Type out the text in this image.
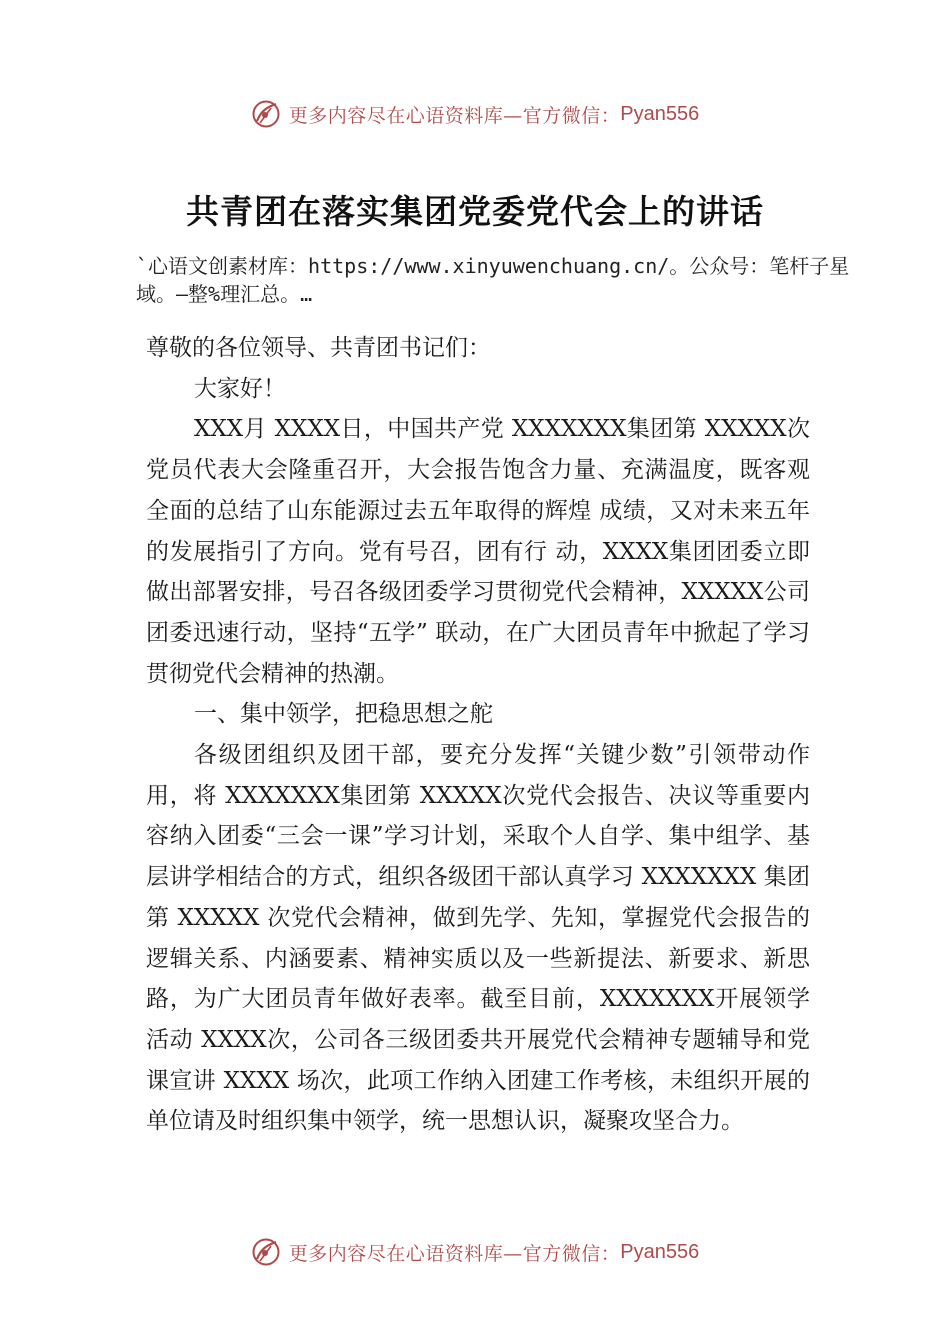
更多内容尽在心语资料库—官方微信： Pyan556
共青团在落实集团党委党代会上的讲话

`心语文创素材库：https://www.xinyuwenchuang.cn/。公众号：笔杆子星域。—整%理汇总。…

尊敬的各位领导、共青团书记们：

大家好！

XXX月 XXXX日，中国共产党 XXXXXXX集团第 XXXXX次党员代表大会隆重召开，大会报告饱含力量、充满温度，既客观全面的总结了山东能源过去五年取得的辉煌 成绩，又对未来五年的发展指引了方向。党有号召，团有行 动，XXXX集团团委立即做出部署安排，号召各级团委学习贯彻党代会精神，XXXXX公司团委迅速行动，坚持“五学” 联动，在广大团员青年中掀起了学习贯彻党代会精神的热潮。

一、集中领学，把稳思想之舵

各级团组织及团干部，要充分发挥“关键少数”引领带动作用，将 XXXXXXX集团第 XXXXX次党代会报告、决议等重要内容纳入团委“三会一课”学习计划，采取个人自学、集中组学、基层讲学相结合的方式，组织各级团干部认真学习 XXXXXXX 集团第 XXXXX 次党代会精神，做到先学、先知，掌握党代会报告的逻辑关系、内涵要素、精神实质以及一些新提法、新要求、新思路，为广大团员青年做好表率。截至目前，XXXXXXX开展领学活动 XXXX次，公司各三级团委共开展党代会精神专题辅导和党课宣讲 XXXX 场次，此项工作纳入团建工作考核，未组织开展的单位请及时组织集中领学，统一思想认识，凝聚攻坚合力。

更多内容尽在心语资料库—官方微信： Pyan556
